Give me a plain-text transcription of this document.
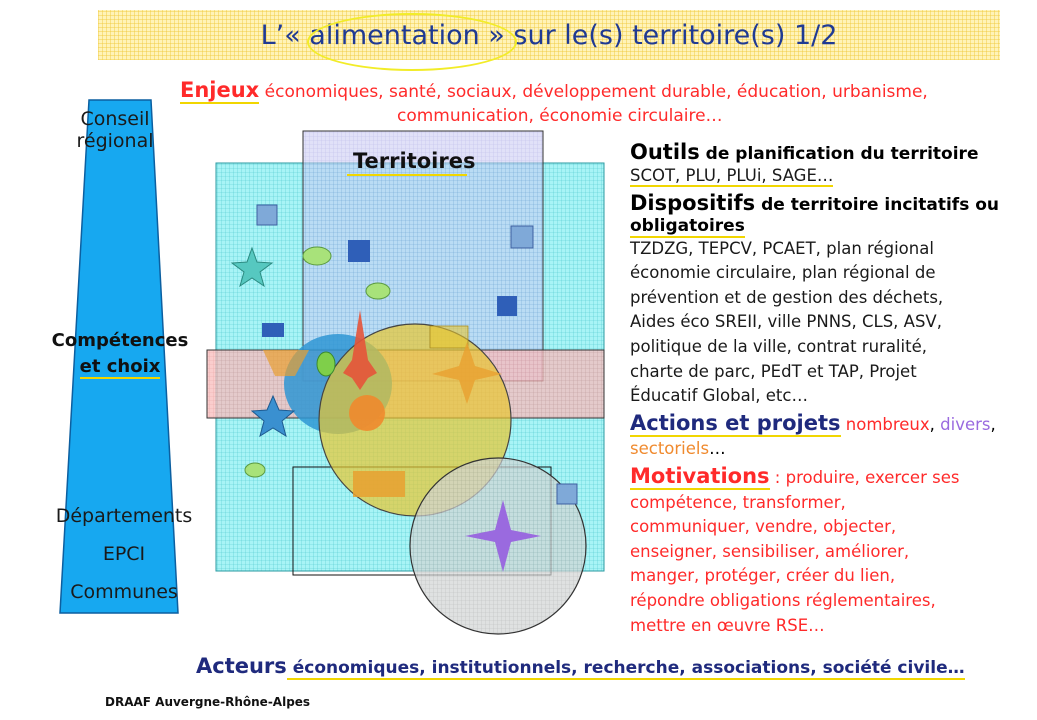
L’« alimentation » sur le(s) territoire(s) 1/2
Enjeux économiques, santé, sociaux, développement durable, éducation, urbanisme,
communication, économie circulaire…
Conseil
régional
Compétences
et choix
Départements
EPCI
Communes
Territoires	Outils de planification du territoire
SCOT, PLU, PLUi, SAGE…
Dispositifs de territoire incitatifs ou
obligatoires
TZDZG, TEPCV, PCAET, plan régional
économie circulaire, plan régional de
prévention et de gestion des déchets,
Aides éco SREII, ville PNNS, CLS, ASV,
politique de la ville, contrat ruralité,
charte de parc, PEdT et TAP, Projet
Éducatif Global, etc…
Actions et projets nombreux, divers,
sectoriels…
Motivations : produire, exercer ses
compétence, transformer,
communiquer, vendre, objecter,
enseigner, sensibiliser, améliorer,
manger, protéger, créer du lien,
répondre obligations réglementaires,
mettre en œuvre RSE…
Acteurs économiques, institutionnels, recherche, associations, société civile…
DRAAF Auvergne-Rhône-Alpes
